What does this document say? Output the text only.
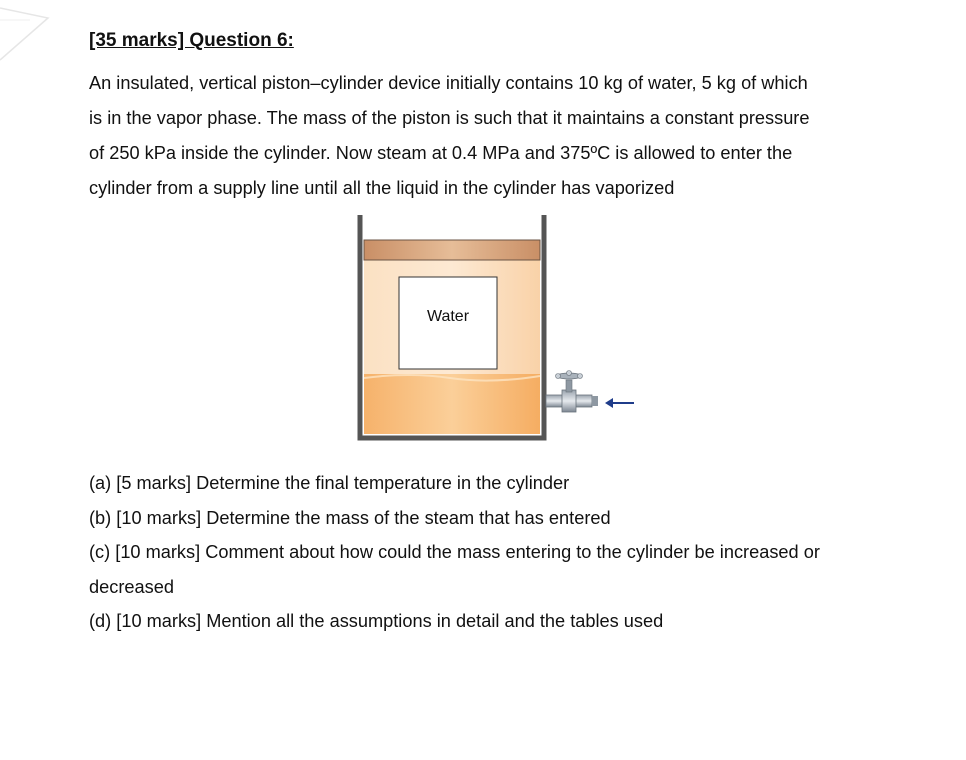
[35 marks] Question 6:

An insulated, vertical piston–cylinder device initially contains 10 kg of water, 5 kg of which
is in the vapor phase. The mass of the piston is such that it maintains a constant pressure
of 250 kPa inside the cylinder. Now steam at 0.4 MPa and 375ºC is allowed to enter the
cylinder from a supply line until all the liquid in the cylinder has vaporized

Water
(a) [5 marks] Determine the final temperature in the cylinder
(b) [10 marks] Determine the mass of the steam that has entered
(c) [10 marks] Comment about how could the mass entering to the cylinder be increased or
decreased
(d) [10 marks] Mention all the assumptions in detail and the tables used
